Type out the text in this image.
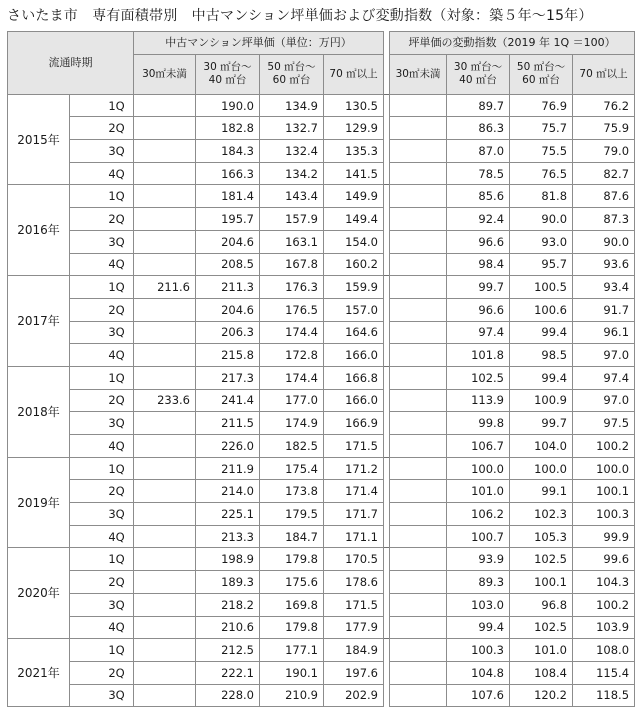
さいたま市　専有面積帯別　中古マンション坪単価および変動指数（対象：築５年～15年）
流通時期		中古マンション坪単価（単位：万円）					坪単価の変動指数（2019 年 1Q ＝100）			
		30㎡未満	30 ㎡台～
40 ㎡台	50 ㎡台～
60 ㎡台	70 ㎡以上		30㎡未満	30 ㎡台～
40 ㎡台	50 ㎡台～
60 ㎡台	70 ㎡以上
2015年	1Q		190.0	134.9	130.5			89.7	76.9	76.2
	2Q		182.8	132.7	129.9			86.3	75.7	75.9
	3Q		184.3	132.4	135.3			87.0	75.5	79.0
	4Q		166.3	134.2	141.5			78.5	76.5	82.7
2016年	1Q		181.4	143.4	149.9			85.6	81.8	87.6
	2Q		195.7	157.9	149.4			92.4	90.0	87.3
	3Q		204.6	163.1	154.0			96.6	93.0	90.0
	4Q		208.5	167.8	160.2			98.4	95.7	93.6
2017年	1Q	211.6	211.3	176.3	159.9			99.7	100.5	93.4
	2Q		204.6	176.5	157.0			96.6	100.6	91.7
	3Q		206.3	174.4	164.6			97.4	99.4	96.1
	4Q		215.8	172.8	166.0			101.8	98.5	97.0
2018年	1Q		217.3	174.4	166.8			102.5	99.4	97.4
	2Q	233.6	241.4	177.0	166.0			113.9	100.9	97.0
	3Q		211.5	174.9	166.9			99.8	99.7	97.5
	4Q		226.0	182.5	171.5			106.7	104.0	100.2
2019年	1Q		211.9	175.4	171.2			100.0	100.0	100.0
	2Q		214.0	173.8	171.4			101.0	99.1	100.1
	3Q		225.1	179.5	171.7			106.2	102.3	100.3
	4Q		213.3	184.7	171.1			100.7	105.3	99.9
2020年	1Q		198.9	179.8	170.5			93.9	102.5	99.6
	2Q		189.3	175.6	178.6			89.3	100.1	104.3
	3Q		218.2	169.8	171.5			103.0	96.8	100.2
	4Q		210.6	179.8	177.9			99.4	102.5	103.9
2021年	1Q		212.5	177.1	184.9			100.3	101.0	108.0
	2Q		222.1	190.1	197.6			104.8	108.4	115.4
	3Q		228.0	210.9	202.9			107.6	120.2	118.5
